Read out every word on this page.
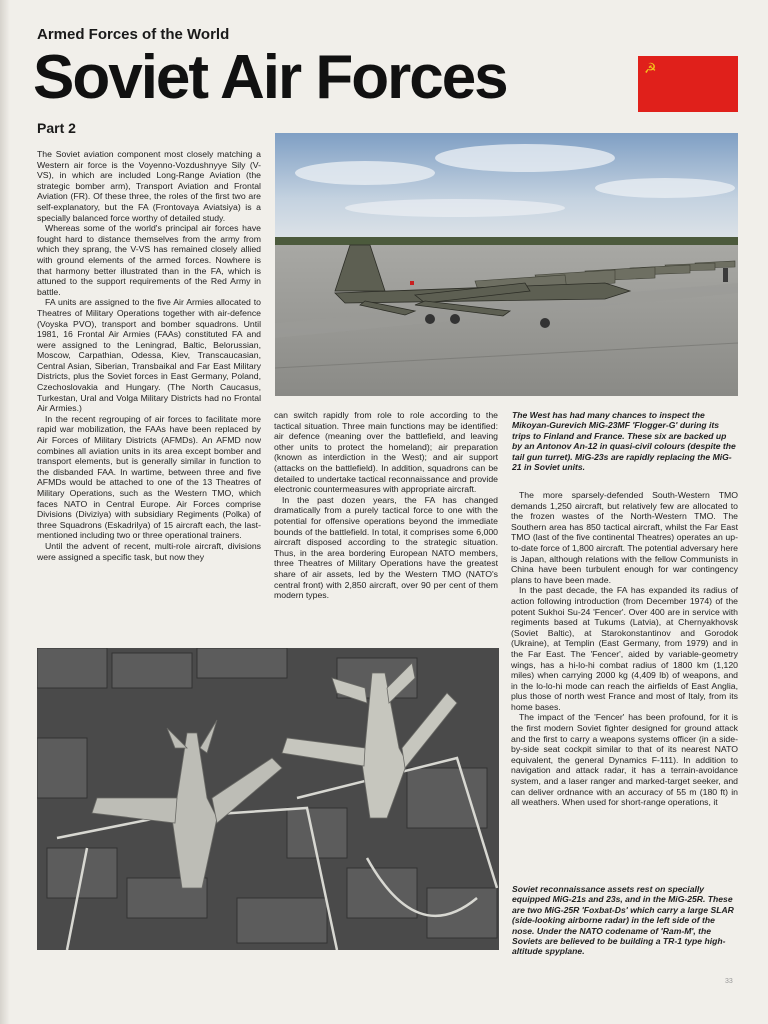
Armed Forces of the World
Soviet Air Forces	☭
Part 2

The Soviet aviation component most closely matching a Western air force is the Voyenno-Vozdushnyye Sily (V-VS), in which are included Long-Range Aviation (the strategic bomber arm), Transport Aviation and Frontal Aviation (FR). Of these three, the roles of the first two are self-explanatory, but the FA (Frontovaya Aviatsiya) is a specially balanced force worthy of detailed study.

Whereas some of the world's principal air forces have fought hard to distance themselves from the army from which they sprang, the V-VS has remained closely allied with ground elements of the armed forces. Nowhere is that harmony better illustrated than in the FA, which is attuned to the support requirements of the Red Army in battle.

FA units are assigned to the five Air Armies allocated to Theatres of Military Operations together with air-defence (Voyska PVO), transport and bomber squadrons. Until 1981, 16 Frontal Air Armies (FAAs) constituted FA and were assigned to the Leningrad, Baltic, Belorussian, Moscow, Carpathian, Odessa, Kiev, Transcaucasian, Central Asian, Siberian, Transbaikal and Far East Military Districts, plus the Soviet forces in East Germany, Poland, Czechoslovakia and Hungary. (The North Caucasus, Turkestan, Ural and Volga Military Districts had no Frontal Air Armies.)

In the recent regrouping of air forces to facilitate more rapid war mobilization, the FAAs have been replaced by Air Forces of Military Districts (AFMDs). An AFMD now combines all aviation units in its area except bomber and transport elements, but is generally similar in function to the disbanded FAA. In wartime, between three and five AFMDs would be attached to one of the 13 Theatres of Military Operations, such as the Western TMO, which faces NATO in Central Europe. Air Forces comprise Divisions (Diviziya) with subsidiary Regiments (Polka) of three Squadrons (Eskadrilya) of 15 aircraft each, the last-mentioned including two or three operational trainers.

Until the advent of recent, multi-role aircraft, divisions were assigned a specific task, but now they

The West has had many chances to inspect the Mikoyan-Gurevich MiG-23MF 'Flogger-G' during its trips to Finland and France. These six are backed up by an Antonov An-12 in quasi-civil colours (despite the tail gun turret). MiG-23s are rapidly replacing the MiG-21 in Soviet units.

can switch rapidly from role to role according to the tactical situation. Three main functions may be identified: air defence (meaning over the battlefield, and leaving other units to protect the homeland); air preparation (known as interdiction in the West); and air support (attacks on the battlefield). In addition, squadrons can be detailed to undertake tactical reconnaissance and provide electronic countermeasures with appropriate aircraft.

In the past dozen years, the FA has changed dramatically from a purely tactical force to one with the potential for offensive operations beyond the immediate bounds of the battlefield. In total, it comprises some 6,000 aircraft disposed according to the strategic situation. Thus, in the area bordering European NATO members, three Theatres of Military Operations have the greatest share of air assets, led by the Western TMO (NATO's central front) with 2,850 aircraft, over 90 per cent of them modern types.

The more sparsely-defended South-Western TMO demands 1,250 aircraft, but relatively few are allocated to the frozen wastes of the North-Western TMO. The Southern area has 850 tactical aircraft, whilst the Far East TMO (last of the five continental Theatres) operates an up-to-date force of 1,800 aircraft. The potential adversary here is Japan, although relations with the fellow Communists in China have been turbulent enough for war contingency plans to have been made.

In the past decade, the FA has expanded its radius of action following introduction (from December 1974) of the potent Sukhoi Su-24 'Fencer'. Over 400 are in service with regiments based at Tukums (Latvia), at Chernyakhovsk (Soviet Baltic), at Starokonstantinov and Gorodok (Ukraine), at Templin (East Germany, from 1979) and in the Far East. The 'Fencer', aided by variable-geometry wings, has a hi-lo-hi combat radius of 1800 km (1,120 miles) when carrying 2000 kg (4,409 lb) of weapons, and in the lo-lo-hi mode can reach the airfields of East Anglia, plus those of north west France and most of Italy, from its home bases.

The impact of the 'Fencer' has been profound, for it is the first modern Soviet fighter designed for ground attack and the first to carry a weapons systems officer (in a side-by-side seat cockpit similar to that of its nearest NATO equivalent, the general Dynamics F-111). In addition to navigation and attack radar, it has a terrain-avoidance system, and a laser ranger and marked-target seeker, and can deliver ordnance with an accuracy of 55 m (180 ft) in all weathers. When used for short-range operations, it

Soviet reconnaissance assets rest on specially equipped MiG-21s and 23s, and in the MiG-25R. These are two MiG-25R 'Foxbat-Ds' which carry a large SLAR (side-looking airborne radar) in the left side of the nose. Under the NATO codename of 'Ram-M', the Soviets are believed to be building a TR-1 type high-altitude spyplane.
33
